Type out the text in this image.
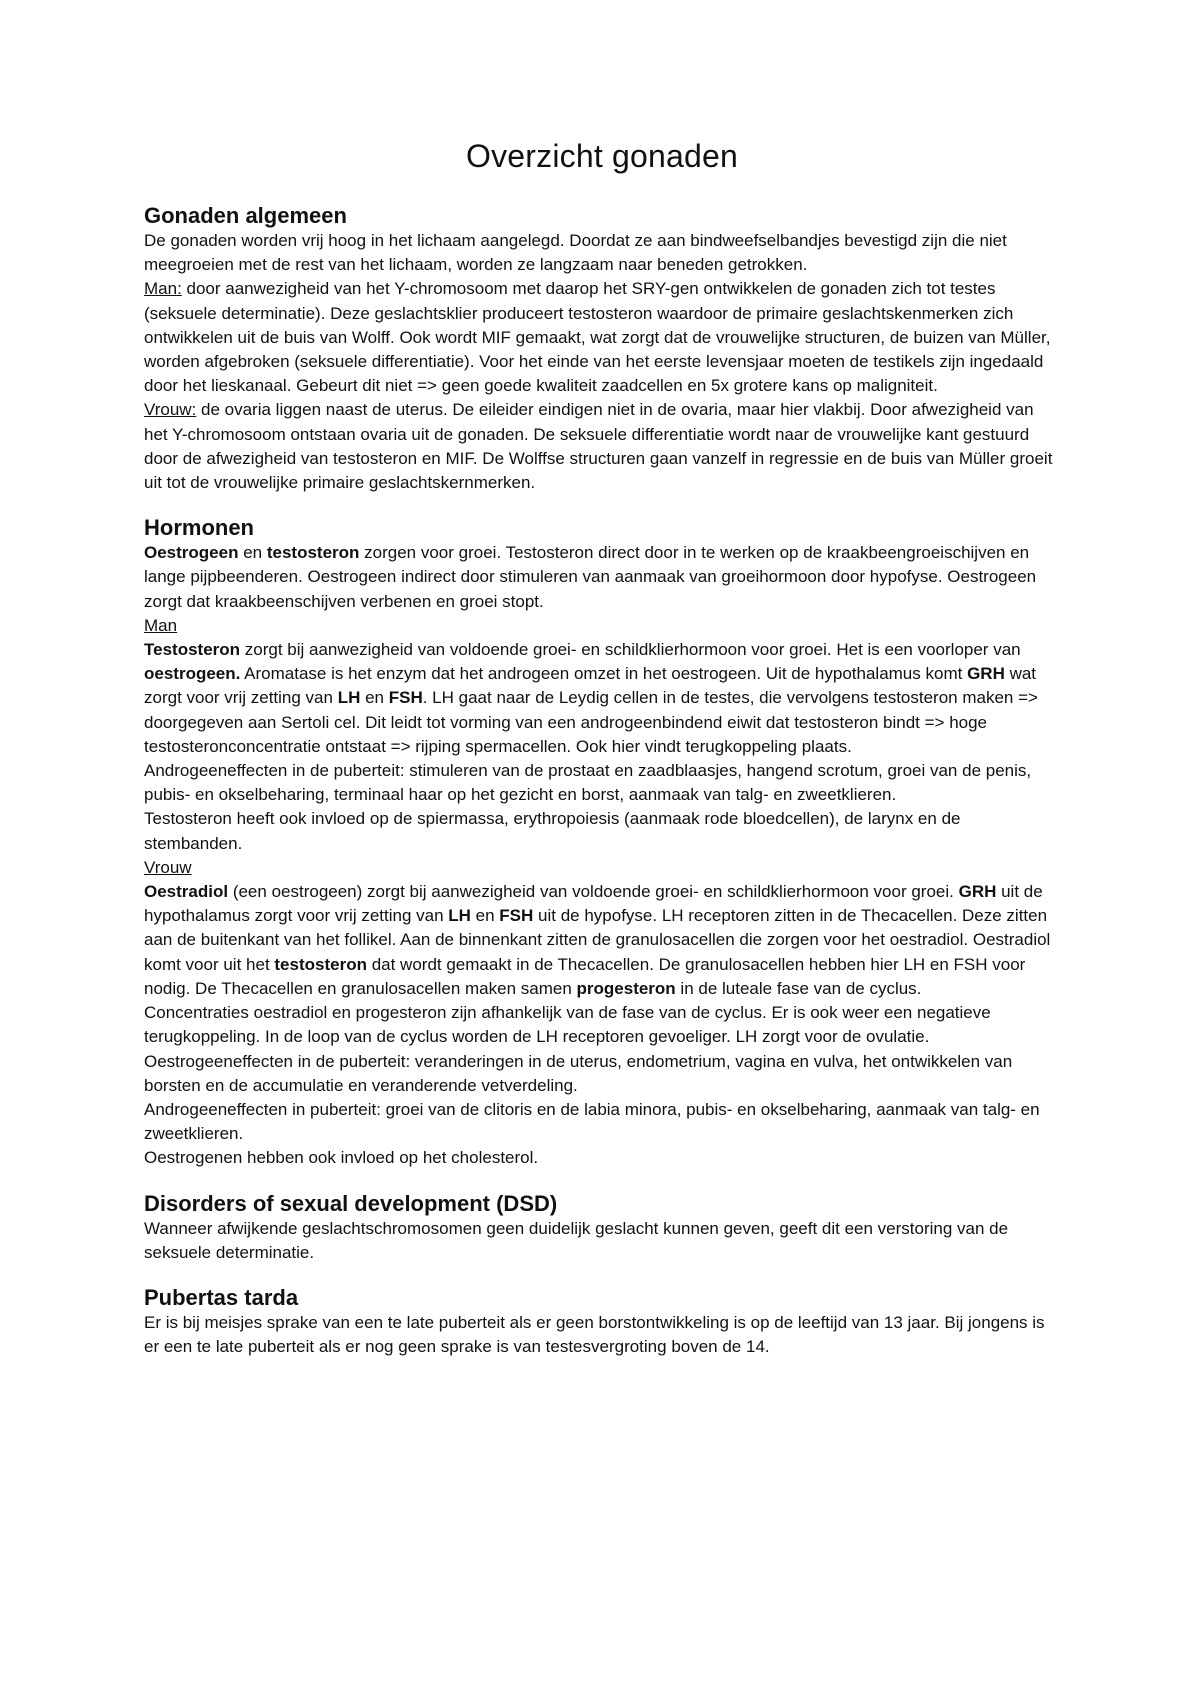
Overzicht gonaden
Gonaden algemeen

De gonaden worden vrij hoog in het lichaam aangelegd. Doordat ze aan bindweefselbandjes bevestigd zijn die niet meegroeien met de rest van het lichaam, worden ze langzaam naar beneden getrokken.

Man: door aanwezigheid van het Y-chromosoom met daarop het SRY-gen ontwikkelen de gonaden zich tot testes (seksuele determinatie). Deze geslachtsklier produceert testosteron waardoor de primaire geslachtskenmerken zich ontwikkelen uit de buis van Wolff. Ook wordt MIF gemaakt, wat zorgt dat de vrouwelijke structuren, de buizen van Müller, worden afgebroken (seksuele differentiatie). Voor het einde van het eerste levensjaar moeten de testikels zijn ingedaald door het lieskanaal. Gebeurt dit niet => geen goede kwaliteit zaadcellen en 5x grotere kans op maligniteit.

Vrouw: de ovaria liggen naast de uterus. De eileider eindigen niet in de ovaria, maar hier vlakbij. Door afwezigheid van het Y-chromosoom ontstaan ovaria uit de gonaden. De seksuele differentiatie wordt naar de vrouwelijke kant gestuurd door de afwezigheid van testosteron en MIF. De Wolffse structuren gaan vanzelf in regressie en de buis van Müller groeit uit tot de vrouwelijke primaire geslachtskernmerken.

Hormonen

Oestrogeen en testosteron zorgen voor groei. Testosteron direct door in te werken op de kraakbeengroeischijven en lange pijpbeenderen. Oestrogeen indirect door stimuleren van aanmaak van groeihormoon door hypofyse. Oestrogeen zorgt dat kraakbeenschijven verbenen en groei stopt.

Man

Testosteron zorgt bij aanwezigheid van voldoende groei- en schildklierhormoon voor groei. Het is een voorloper van oestrogeen. Aromatase is het enzym dat het androgeen omzet in het oestrogeen. Uit de hypothalamus komt GRH wat zorgt voor vrij zetting van LH en FSH. LH gaat naar de Leydig cellen in de testes, die vervolgens testosteron maken => doorgegeven aan Sertoli cel. Dit leidt tot vorming van een androgeenbindend eiwit dat testosteron bindt => hoge testosteronconcentratie ontstaat => rijping spermacellen. Ook hier vindt terugkoppeling plaats.

Androgeeneffecten in de puberteit: stimuleren van de prostaat en zaadblaasjes, hangend scrotum, groei van de penis, pubis- en okselbeharing, terminaal haar op het gezicht en borst, aanmaak van talg- en zweetklieren.

Testosteron heeft ook invloed op de spiermassa, erythropoiesis (aanmaak rode bloedcellen), de larynx en de stembanden.

Vrouw

Oestradiol (een oestrogeen) zorgt bij aanwezigheid van voldoende groei- en schildklierhormoon voor groei. GRH uit de hypothalamus zorgt voor vrij zetting van LH en FSH uit de hypofyse. LH receptoren zitten in de Thecacellen. Deze zitten aan de buitenkant van het follikel. Aan de binnenkant zitten de granulosacellen die zorgen voor het oestradiol. Oestradiol komt voor uit het testosteron dat wordt gemaakt in de Thecacellen. De granulosacellen hebben hier LH en FSH voor nodig. De Thecacellen en granulosacellen maken samen progesteron in de luteale fase van de cyclus.

Concentraties oestradiol en progesteron zijn afhankelijk van de fase van de cyclus. Er is ook weer een negatieve terugkoppeling. In de loop van de cyclus worden de LH receptoren gevoeliger. LH zorgt voor de ovulatie.

Oestrogeeneffecten in de puberteit: veranderingen in de uterus, endometrium, vagina en vulva, het ontwikkelen van borsten en de accumulatie en veranderende vetverdeling.

Androgeeneffecten in puberteit: groei van de clitoris en de labia minora, pubis- en okselbeharing, aanmaak van talg- en zweetklieren.

Oestrogenen hebben ook invloed op het cholesterol.

Disorders of sexual development (DSD)

Wanneer afwijkende geslachtschromosomen geen duidelijk geslacht kunnen geven, geeft dit een verstoring van de seksuele determinatie.

Pubertas tarda

Er is bij meisjes sprake van een te late puberteit als er geen borstontwikkeling is op de leeftijd van 13 jaar. Bij jongens is er een te late puberteit als er nog geen sprake is van testesvergroting boven de 14.
